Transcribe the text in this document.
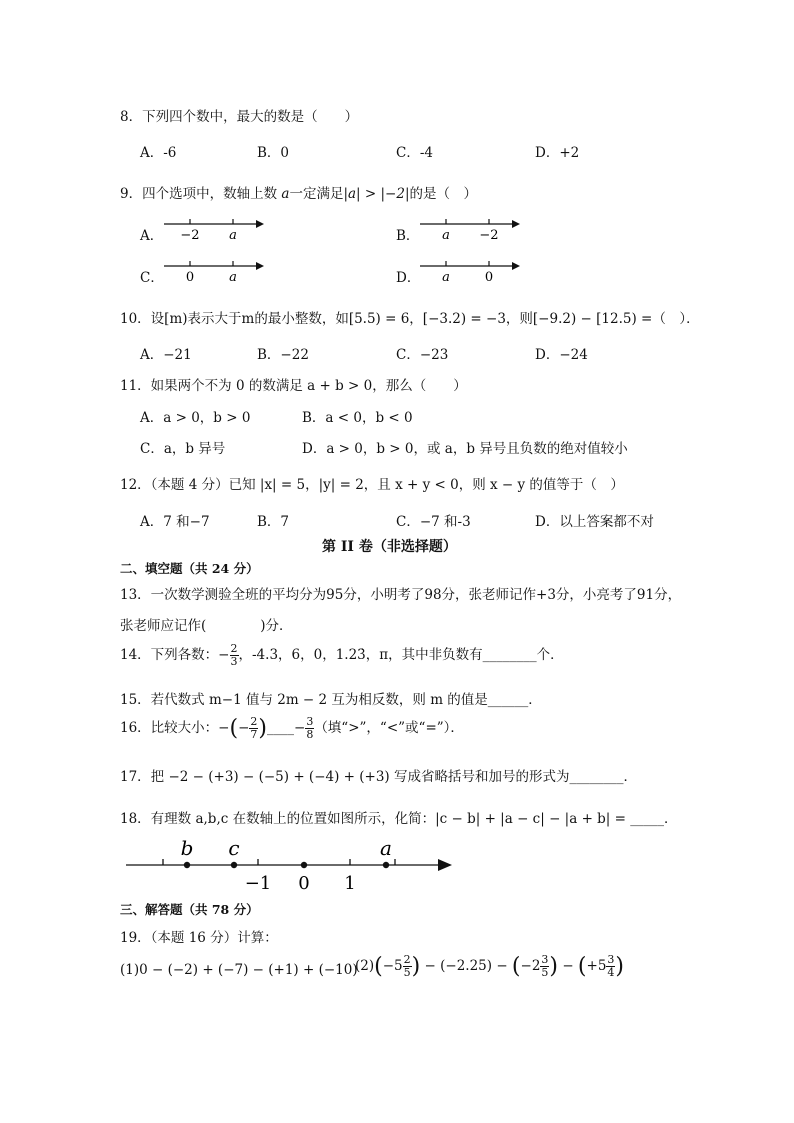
8．下列四个数中，最大的数是（　　）
A．-6	B．0	C．-4	D．+2
9．四个选项中，数轴上数 a一定满足|a| > |−2|的是（　）
A． −2 a	B． a −2
C． 0	a	D． a	0
10．设[m)表示大于m的最小整数，如[5.5) = 6，[−3.2) = −3，则[−9.2) − [12.5) =（　）．
A．−21	B．−22	C．−23	D．−24
11．如果两个不为 0 的数满足 a + b > 0，那么（　　）
A．a > 0，b > 0	B．a < 0，b < 0
C．a，b 异号	D．a > 0，b > 0，或 a，b 异号且负数的绝对值较小
12．（本题 4 分）已知 |x| = 5，|y| = 2，且 x + y < 0，则 x − y 的值等于（　）
A．7 和−7	B．7	C．−7 和-3	D．以上答案都不对
第 II 卷（非选择题）
二、填空题（共 24 分）
13．一次数学测验全班的平均分为95分，小明考了98分，张老师记作+3分，小亮考了91分，
张老师应记作(　　　　)分．
14．下列各数：− $\frac{2}{3}$ ，-4.3，6，0，1.23̇，π，其中非负数有________个．
15．若代数式 m−1 值与 2m − 2 互为相反数，则 m 的值是______．
16．比较大小：−(− $\frac{2}{7}$ )____− $\frac{3}{8}$ （填“>”，“<”或“=”）．
17．把 −2 − (+3) − (−5) + (−4) + (+3) 写成省略括号和加号的形式为________．
18．有理数 a,b,c 在数轴上的位置如图所示，化简：|c − b| + |a − c| − |a + b| = _____．
b c	a
−1 0 1
三、解答题（共 78 分）
19．（本题 16 分）计算：
(1)0 − (−2) + (−7) − (+1) + (−10)
$(2)(-5 \frac{2}{5}$ ) − $(-2.25) - (-2 \frac{3}{5}$ ) − ($+5 \frac{3}{4}$ )
